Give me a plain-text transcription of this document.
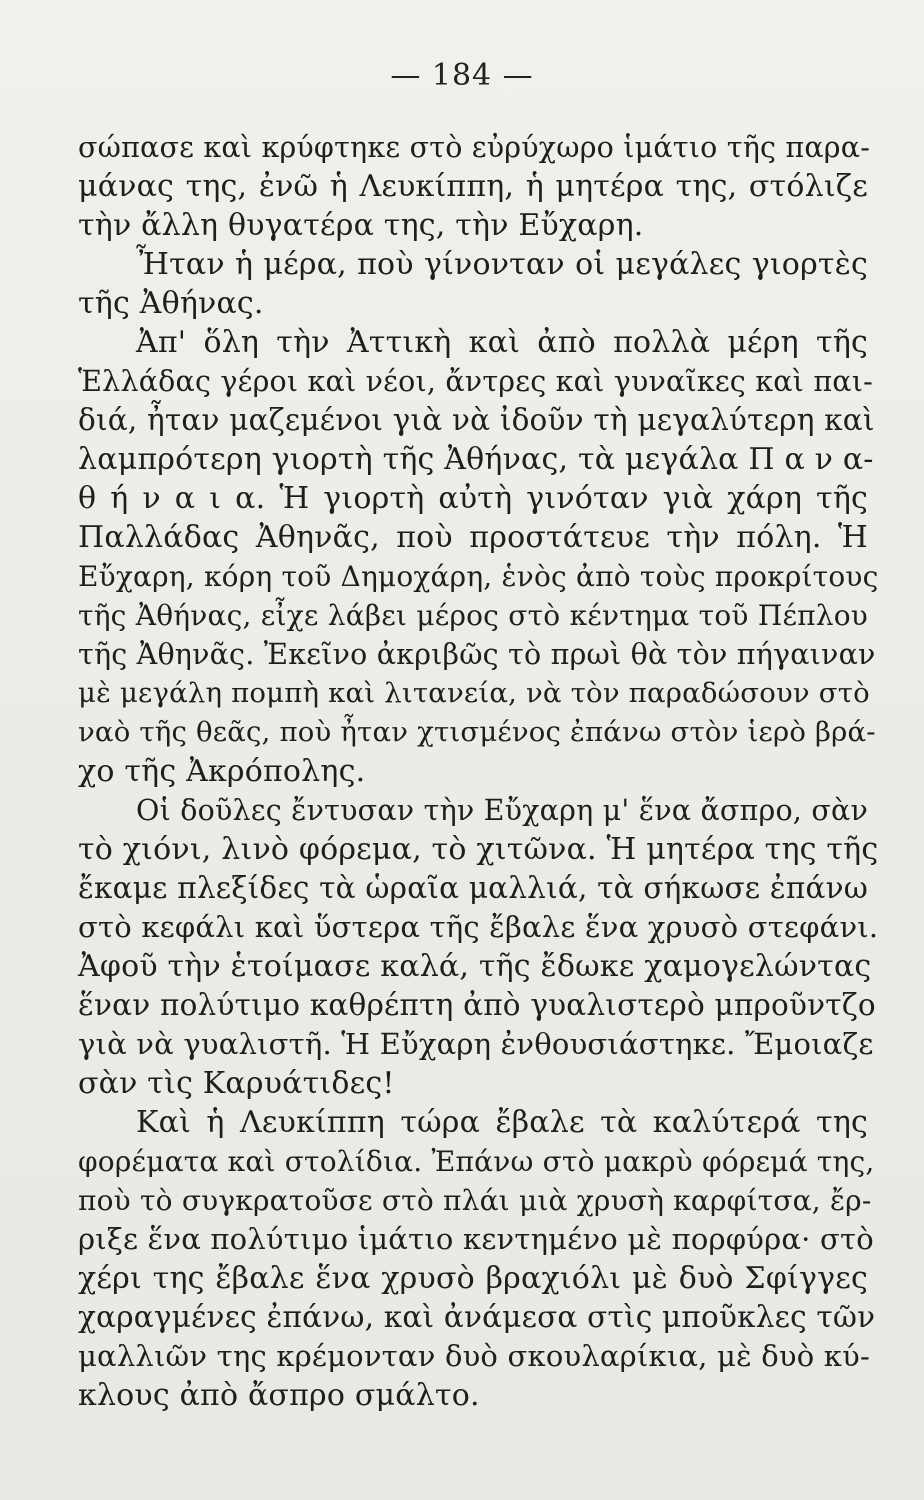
— 184 —
σώπασε καὶ κρύφτηκε στὸ εὐρύχωρο ἱμάτιο τῆς παρα-
μάνας της, ἐνῶ ἡ Λευκίππη, ἡ μητέρα της, στόλιζε
τὴν ἄλλη θυγατέρα της, τὴν Εὔχαρη.
Ἦταν ἡ μέρα, ποὺ γίνονταν οἱ μεγάλες γιορτὲς
τῆς Ἀθήνας.
Ἀπ' ὅλη τὴν Ἀττικὴ καὶ ἀπὸ πολλὰ μέρη τῆς
Ἑλλάδας γέροι καὶ νέοι, ἄντρες καὶ γυναῖκες καὶ παι-
διά, ἦταν μαζεμένοι γιὰ νὰ ἰδοῦν τὴ μεγαλύτερη καὶ
λαμπρότερη γιορτὴ τῆς Ἀθήνας, τὰ μεγάλα Π α ν α-
θ ή ν α ι α. Ἡ γιορτὴ αὐτὴ γινόταν γιὰ χάρη τῆς
Παλλάδας Ἀθηνᾶς, ποὺ προστάτευε τὴν πόλη. Ἡ
Εὔχαρη, κόρη τοῦ Δημοχάρη, ἑνὸς ἀπὸ τοὺς προκρίτους
τῆς Ἀθήνας, εἶχε λάβει μέρος στὸ κέντημα τοῦ Πέπλου
τῆς Ἀθηνᾶς. Ἐκεῖνο ἀκριβῶς τὸ πρωὶ θὰ τὸν πήγαιναν
μὲ μεγάλη πομπὴ καὶ λιτανεία, νὰ τὸν παραδώσουν στὸ
ναὸ τῆς θεᾶς, ποὺ ἦταν χτισμένος ἐπάνω στὸν ἱερὸ βρά-
χο τῆς Ἀκρόπολης.
Οἱ δοῦλες ἔντυσαν τὴν Εὔχαρη μ' ἕνα ἄσπρο, σὰν
τὸ χιόνι, λινὸ φόρεμα, τὸ χιτῶνα. Ἡ μητέρα της τῆς
ἔκαμε πλεξίδες τὰ ὡραῖα μαλλιά, τὰ σήκωσε ἐπάνω
στὸ κεφάλι καὶ ὕστερα τῆς ἔβαλε ἕνα χρυσὸ στεφάνι.
Ἀφοῦ τὴν ἑτοίμασε καλά, τῆς ἔδωκε χαμογελώντας
ἕναν πολύτιμο καθρέπτη ἀπὸ γυαλιστερὸ μπροῦντζο
γιὰ νὰ γυαλιστῆ. Ἡ Εὔχαρη ἐνθουσιάστηκε. Ἔμοιαζε
σὰν τὶς Καρυάτιδες!
Καὶ ἡ Λευκίππη τώρα ἔβαλε τὰ καλύτερά της
φορέματα καὶ στολίδια. Ἐπάνω στὸ μακρὺ φόρεμά της,
ποὺ τὸ συγκρατοῦσε στὸ πλάι μιὰ χρυσὴ καρφίτσα, ἔρ-
ριξε ἕνα πολύτιμο ἱμάτιο κεντημένο μὲ πορφύρα· στὸ
χέρι της ἔβαλε ἕνα χρυσὸ βραχιόλι μὲ δυὸ Σφίγγες
χαραγμένες ἐπάνω, καὶ ἀνάμεσα στὶς μποῦκλες τῶν
μαλλιῶν της κρέμονταν δυὸ σκουλαρίκια, μὲ δυὸ κύ-
κλους ἀπὸ ἄσπρο σμάλτο.
